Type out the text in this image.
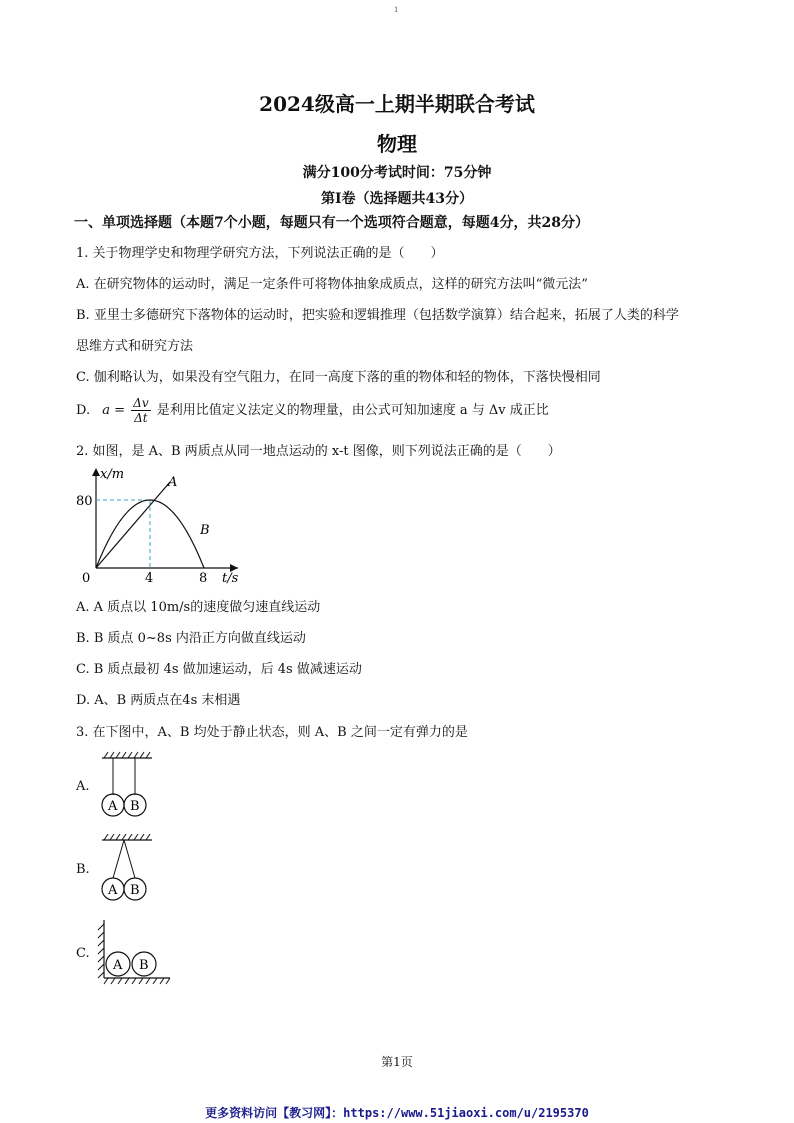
1
2024级高一上期半期联合考试
物理
满分100分考试时间：75分钟
第Ⅰ卷（选择题共43分）
一、单项选择题（本题7个小题，每题只有一个选项符合题意，每题4分，共28分）
1. 关于物理学史和物理学研究方法，下列说法正确的是（　　）
A. 在研究物体的运动时，满足一定条件可将物体抽象成质点，这样的研究方法叫“微元法”
B. 亚里士多德研究下落物体的运动时，把实验和逻辑推理（包括数学演算）结合起来，拓展了人类的科学
思维方式和研究方法
C. 伽利略认为，如果没有空气阻力，在同一高度下落的重的物体和轻的物体，下落快慢相同
D. $a = \frac{\Delta v}{\Delta t}$ 是利用比值定义法定义的物理量，由公式可知加速度 a 与 Δv 成正比
2. 如图，是 A、B 两质点从同一地点运动的 x-t 图像，则下列说法正确的是（　　）
x/m
80
0	4	8 t/s
A
B
A. A 质点以 10m/s的速度做匀速直线运动
B. B 质点 0~8s 内沿正方向做直线运动
C. B 质点最初 4s 做加速运动，后 4s 做减速运动
D. A、B 两质点在4s 末相遇
3. 在下图中，A、B 均处于静止状态，则 A、B 之间一定有弹力的是
A.
A B
B.
A B
C.
A B
第1页
更多资料访问【教习网】：https://www.51jiaoxi.com/u/2195370
